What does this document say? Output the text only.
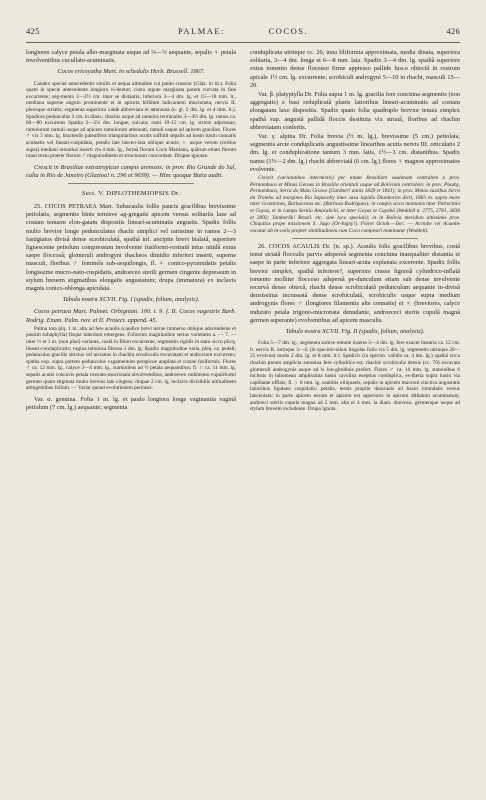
425	PALMAE:	COCOS.	426

longiores calyce petala albo-marginata usque ad ⅓—½ aequante, sepalis ♀ petala involventibus cucullato-acuminatis.

Cocos ericoyatha Mart. in schedulis Herb. Brussell. 1867.

Caudex speciei antecedentis similis et aequa altitudine cui paulo crassior (Glaz. in lit.). Folia quam in specie antecedente longiora vi-dentur; costa argute marginata parum curvata in fine excurrente; seg-menta 2—2½ cm. inter se distantia, inferiora 3—4 dm. lg. et 15—18 mm. lt., mediana superne angulo prominente et in apicem bifidum indicantem mucronata, nervis II. plerisque striatis; segmenta superiora valde abbreviata et attenuata (e. gr. 2 dm. lg. et 4 mm. lt.). Spadices pedunculus 3 cm. in diam.; rhachis usque ad ramulos terminales 3—4½ dm. lg. ramos ca. 60—80 excurrens Spatha 2—2½ dm. longae, sulcata; rami 10-15 cm. lg. stricte adpressae, ramulorum ramuli usque ad apicem ramulorum attenuati, ramuli usque ad apicem gracilior. Flores ♂ vix 5 mm. lg. bracteolis patentibus triangularibus acutis suffulti sepalis ad basin basin connatis aculeatis vel lineari-cuspidatis, petalis late lanceo-lata oblique acutis; ♀ usque verum (certius supra) mediani remotius inserti via 4 mm. lg., formâ florum Cock Martiana, quârum etiam florum ruani textu praeter florum ♂ magnitudinem et structuram concordant. Drupae ignotae.

Crescit in Brasiliae extratropicae campis arenosis: in prov. Rio Grande do Sul, culta in Rio de Janeiro (Glaziou! n. 296 et 9039). — Hinc quoque Butia audit.

Sect. V. DIPLOTHEMIOPSIS Dr.

25. COCOS PETRAEA Mart. Subacaulis follis paucis gracilibus brevissime petiolatis, segmentis binis ternisve ag-gregatis apicem versus solitariis laxe ad costam tenuem elon-gatam dispositis lineari-acuminatis angustis. Spadix follis multo brevior longe pedunculatus rhachi simplici vel rarissime in ramos 2—3 fastigiatos divisâ dense scrobiculatâ, spathâ inf. ancipite brevi bialatâ, superiore lignescente petiolum compressum involvente fusiformi-rostratâ intus nitidâ extus saepe floccosâ; glomeruli androgyni rhacheos dimidio inferiori inserti, superne masculi, floribus ♂ feminels sub-aequilongis, fl. ♀ conico-pyramidatis petalis longissime mucro-nato-cuspidatis, androeceo sterili germen cingente depressum in stylum breuem stigmatibus elongatis angustatum; drupa (immatura) ex inclavis magnis conico-oblonga apiculata.

Tabula nostra XCVII. Fig. I (spadix, folium, analysis).

Cocos petraea Mart. Palmet. Orbignian. 100. t. 9. f. II. Cocos vagestris Barb. Rodrig. Enum. Palm. nov. et II. Protect. append. 45.

Palma tota plq. 1 m. alta ad fere acaulis (caudice brevi terrae immerso oblique adscendente et passim subaphylla) fisque interdum emergens. Foliorum magnitudine serius varietates a. — 7. — inter ½ et 1 m. (non plus) variante, costâ in filum excurrente, segmentis rigidis in statu sicco plicq. lineari-conduplicatis; vagina tubulosa fibrosa 1 dm. lg. Spadix magnitudine varia, pleq. ca. pedali; pedunculus gracilis strictus vel arcuatus in rhachin scrobiculis excavatam et androcium excurrens; spatha exp. supra partem pedunculus vagamentum perspicue amplata et costae fusiformis. Flores ♂ ca. 12 mm. lg., calyce 3—4 mm. lg., staminibus ad ½ petala aequantibus; fl. ♀ ca. 11 mm. lg. sepalis acutis concavis petala rostrato-mucronata obvolventibus, androeceo rudimento cupuliformi germen quam stigmata multo brevius late cingens; drupae 2 cm. lg. inclavis divisibilis ultitudinem attingentibus follum. — Variat quoad evolutionem perinnei:

Var. α. genuina. Folia 1 m. lg. et paulo longiora longe vaginantia vaginâ petiolum (7 cm. lg.) aequante; segmenta

conduplicata utrinque cc. 20, inna filiformia approximata, media dinata, superiora solitaria, 3—4 dm. longa et 6—8 mm. lata. Spadix 3—4 dm. lg. spathâ superiore extus tomento dense flocosso firme appresso pallide fusco obtectâ in rostrum apicale 1½ cm. lg. excurrente; scrobiculi androgyni 5—10 in rhachi, masculi 15—20.

Var. β. platyptylla Dr. Folia supra 1 m. lg. gracilia fere concinna segmentis (non aggregatis) e basi reduplicatâ planis latioribus lineari-acuminatis ad costam elongatam laxe dispositis. Spadix quam folia quadruplo brevior tenuis simplex spathâ sup. angustâ pallidâ floccis destituta vix striatâ, floribus ad rhachin abbreviatam confertis.

Var. γ. alpina Dr. Folia brevia (½ m. lg.), brevissime (5 cm.) petiolata, segmentis arcte conduplicatis angustissime linearibus acutis nervis III. reticulatis 2 dm. lg. et conduplicatione tantum 3 mm. latis, 1½—3 cm. distantibus. Spadix nanus (1½—2 dm. lg.) rhachi abbreviatâ (6 cm. lg.) flores ♀ magnos approximatos evolvente.

Crescit (variatatibus intermixtis) per totam Brasiliam vaulanam centralem a prov. Pernambuco et Minas Geraes in Brasilia orientali usque ad Boliviam centralem: in prov. Piauhy, Pernambuco, Serra do Mato Grosso (Gardner! annis 1839 et 1841); in prov. Minas vastibus Serra da Tromba ad margines Rio Sapucahy inter saxa lapidis Diaoborito dicti, 1863 m. supra mare inter Grantiones, Barbacenas etc. (Barbosa Rodrigues); in campis sicca montanis inter Patrocinio et Goyaz, et in campo Sertão Amaralichi, et inter Goyaz et Cuyabá (Weddell n. 2775, 2781, 2836 et 2892; Tamberlik! Brasil. etc. sine loco speciali); et in Bolivia meridion altissimis prov. Chiquitos prope missionem S. Jago (Or-bigny!). Floret Octob.—Dec. — Accmbe vel Acumbe vocatur ab in-colis propter similitudinem cum Coco campestri nominatur (Weddell).

26. COCOS ACAULIS Dr. (n. sp.). Acaulis folis gracilibus brevibus, costâ tenui striatâ flocculis parvis adspersâ segmenta concinna inaequaliter distantia et saepe in parte inferiore aggregata lineari-acuta explanata excerente. Spadix follis brevior simplex, spathâ inferiore?, superiore crasse lignosâ cylindrico-inflatâ tomento molliter floccoso adspersâ pe-dunculum etiam sub dense involvente recurvâ dense obtecâ, rhachi dense scrobiculatâ pedunculum aequante in-divisâ densissima incrassatâ dense scrobiculatâ, scrobiculis usque supra medium androgynis flores ♂ (longiores filamentis alte connatis) et ♀ (breviores, calyce indurato petala trigono-mucronata denudante, androececi steriis cupulâ magnâ germen superante) evolventibus ad apicem masculis.

Tabula nostra XCVII. Fig. II (spadix, folium, analysis).

Folia 5—7 dm. lg.; segmenta sartice remote inserta 3—4 dm. lg. fere exacte linearia ca. 12 cm. lt. nervis II. utrinque 3—4; (in specimi-nibus lingulas folia via 5 dm. lg. segmentis utrinque 20—25 evolvunt modo 2 dm. lg. et 8 mm. lt.). Spadicis (in specim. validis ca. 4 dm. lg.) spathâ circa rhachin parum amplicta antonina fere cylindrica est; rhachis scrobiculis densis (cc. 70) excavata glomeruli androgynis usque ad ¾ lon-gitudinis profert. Flores ♂ ca. 10 mm. lg. staminibus 6 inclusis in tubomean amplissima basin cavulina eseptius conduplica, es-theria supra basin via capillatae offlais; fl. ♀ 8 mm. lg. sanbitis oiliquaeis, sepalis in apicem mucroni cinctica angustatis latioribus ligulaeo cuspidatis; petalis, ternis proprie duracaeis ad basin rotundatis versus lanceolata; in parte apicem eorum et apicem est superioris in apicem dithatum acuminatum, androeci steriis cupula magna ad 2 mm. alta et 4 mm. ia diam. obovoso, germenque usque ad stylum brevem includente. Drupa ignota.
